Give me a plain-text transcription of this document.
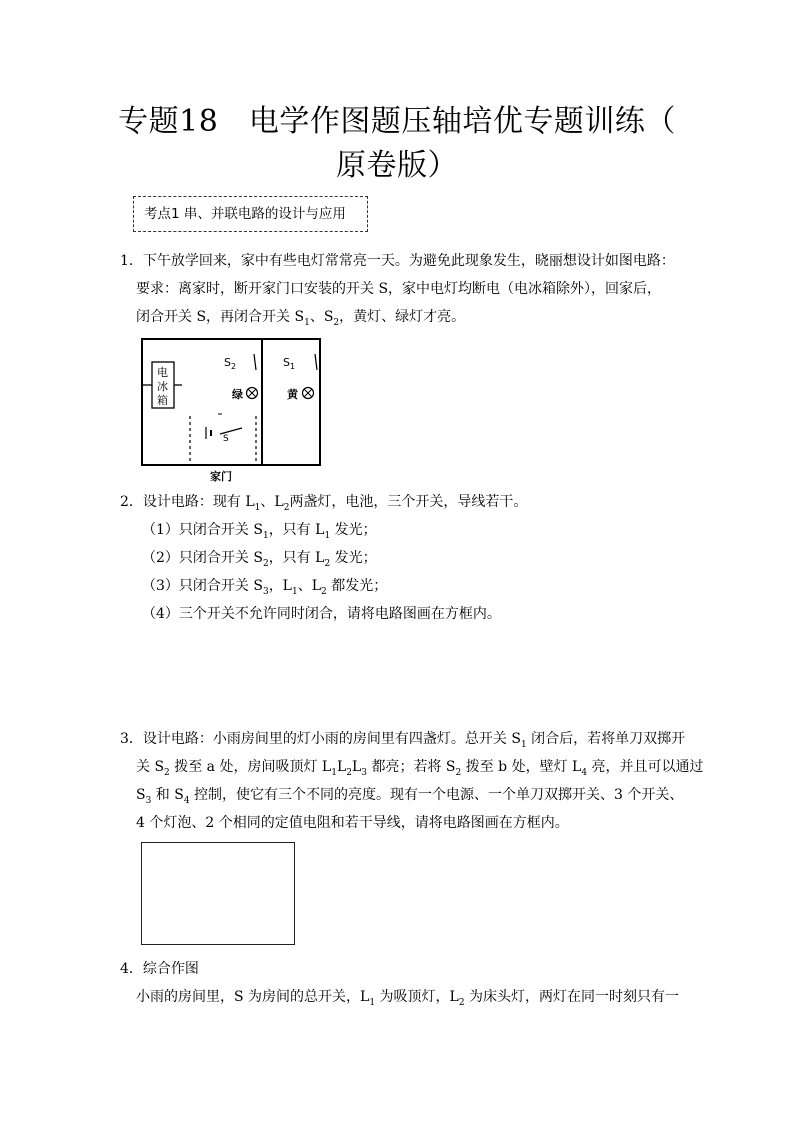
专题18　电学作图题压轴培优专题训练（
原卷版）
考点1 串、并联电路的设计与应用
1．下午放学回来，家中有些电灯常常亮一天。为避免此现象发生，晓丽想设计如图电路：
要求：离家时，断开家门口安装的开关 S，家中电灯均断电（电冰箱除外），回家后，
闭合开关 S，再闭合开关 $S_1$、$S_2$，黄灯、绿灯才亮。
电
冰
箱
$S_2$
绿
$S_1$
黄
S
家门
2．设计电路：现有 $L_1$、$L_2$两盏灯，电池，三个开关，导线若干。
（1）只闭合开关 $S_1$，只有 $L_1$ 发光；
（2）只闭合开关 $S_2$，只有 $L_2$ 发光；
（3）只闭合开关 $S_3$，$L_1$、$L_2$ 都发光；
（4）三个开关不允许同时闭合，请将电路图画在方框内。
3．设计电路：小雨房间里的灯小雨的房间里有四盏灯。总开关 $S_1$ 闭合后，若将单刀双掷开
关 $S_2$ 拨至 a 处，房间吸顶灯 $L_1L_2L_3$ 都亮；若将 $S_2$ 拨至 b 处，壁灯 $L_4$ 亮，并且可以通过
$S_3$ 和 $S_4$ 控制，使它有三个不同的亮度。现有一个电源、一个单刀双掷开关、3 个开关、
4 个灯泡、2 个相同的定值电阻和若干导线，请将电路图画在方框内。
4．综合作图
小雨的房间里，S 为房间的总开关，$L_1$ 为吸顶灯，$L_2$ 为床头灯，两灯在同一时刻只有一
